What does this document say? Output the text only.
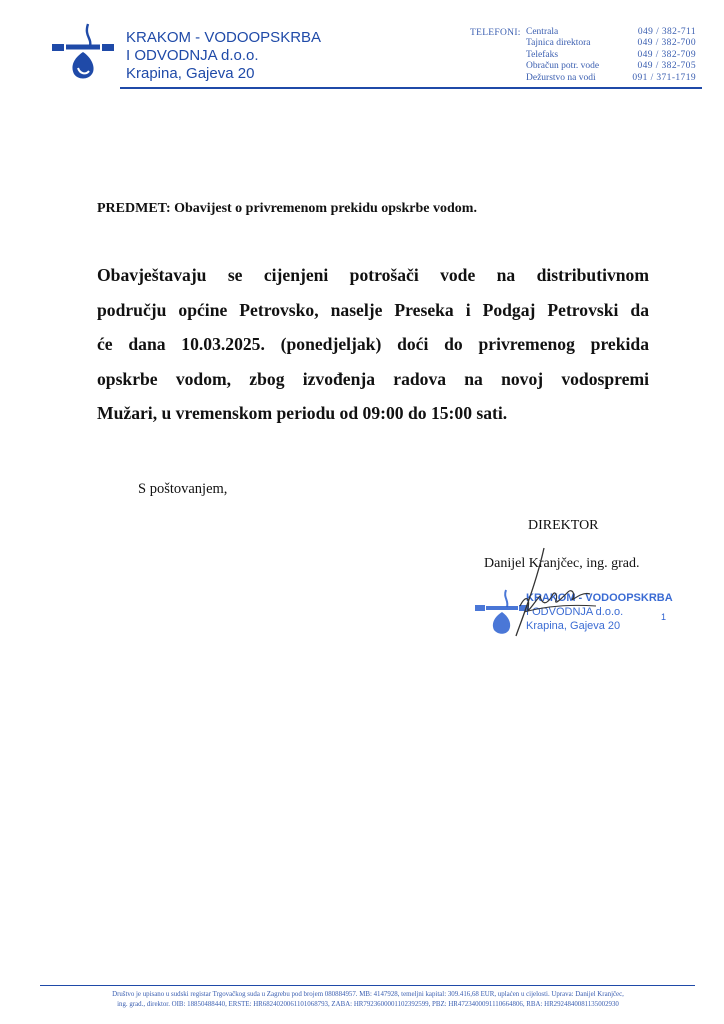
KRAKOM - VODOOPSKRBA
I ODVODNJA d.o.o.
Krapina, Gajeva 20
TELEFONI: Centrala	049 / 382-711
Tajnica direktora	049 / 382-700
Telefaks	049 / 382-709
Obračun potr. vode	049 / 382-705
Dežurstvo na vodi	091 / 371-1719
PREDMET: Obavijest o privremenom prekidu opskrbe vodom.
Obavještavaju se cijenjeni potrošači vode na distributivnom
području općine Petrovsko, naselje Preseka i Podgaj Petrovski da
će dana 10.03.2025. (ponedjeljak) doći do privremenog prekida
opskrbe vodom, zbog izvođenja radova na novoj vodospremi
Mužari, u vremenskom periodu od 09:00 do 15:00 sati.
S poštovanjem,
DIREKTOR
Danijel Kranjčec, ing. grad.
KRAKOM - VODOOPSKRBA
I ODVODNJA d.o.o.
Krapina, Gajeva 20
1
Društvo je upisano u sudski registar Trgovačkog suda u Zagrebu pod brojem 080884957. MB: 4147928, temeljni kapital: 309.416,68 EUR, uplaćen u cijelosti. Uprava: Danijel Kranjčec,
ing. grad., direktor. OIB: 18850488440, ERSTE: HR6824020061101068793, ZABA: HR7923600001102392599, PBZ: HR4723400091110664806, RBA: HR2924840081135002930
